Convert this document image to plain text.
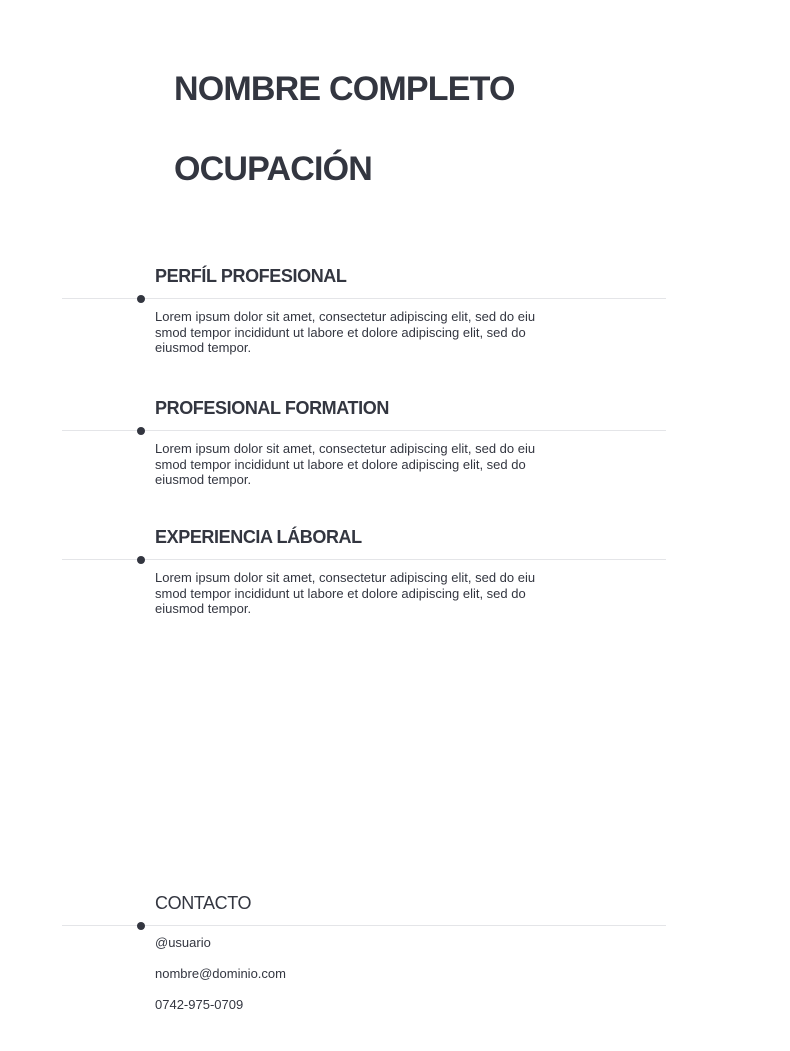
NOMBRE COMPLETO
OCUPACIÓN
PERFÍL PROFESIONAL

Lorem ipsum dolor sit amet, consectetur adipiscing elit, sed do eiu smod tempor incididunt ut labore et dolore adipiscing elit, sed do eiusmod tempor.

PROFESIONAL FORMATION

Lorem ipsum dolor sit amet, consectetur adipiscing elit, sed do eiu smod tempor incididunt ut labore et dolore adipiscing elit, sed do eiusmod tempor.

EXPERIENCIA LÁBORAL

Lorem ipsum dolor sit amet, consectetur adipiscing elit, sed do eiu smod tempor incididunt ut labore et dolore adipiscing elit, sed do eiusmod tempor.

CONTACTO

@usuario

nombre@dominio.com

0742-975-0709
